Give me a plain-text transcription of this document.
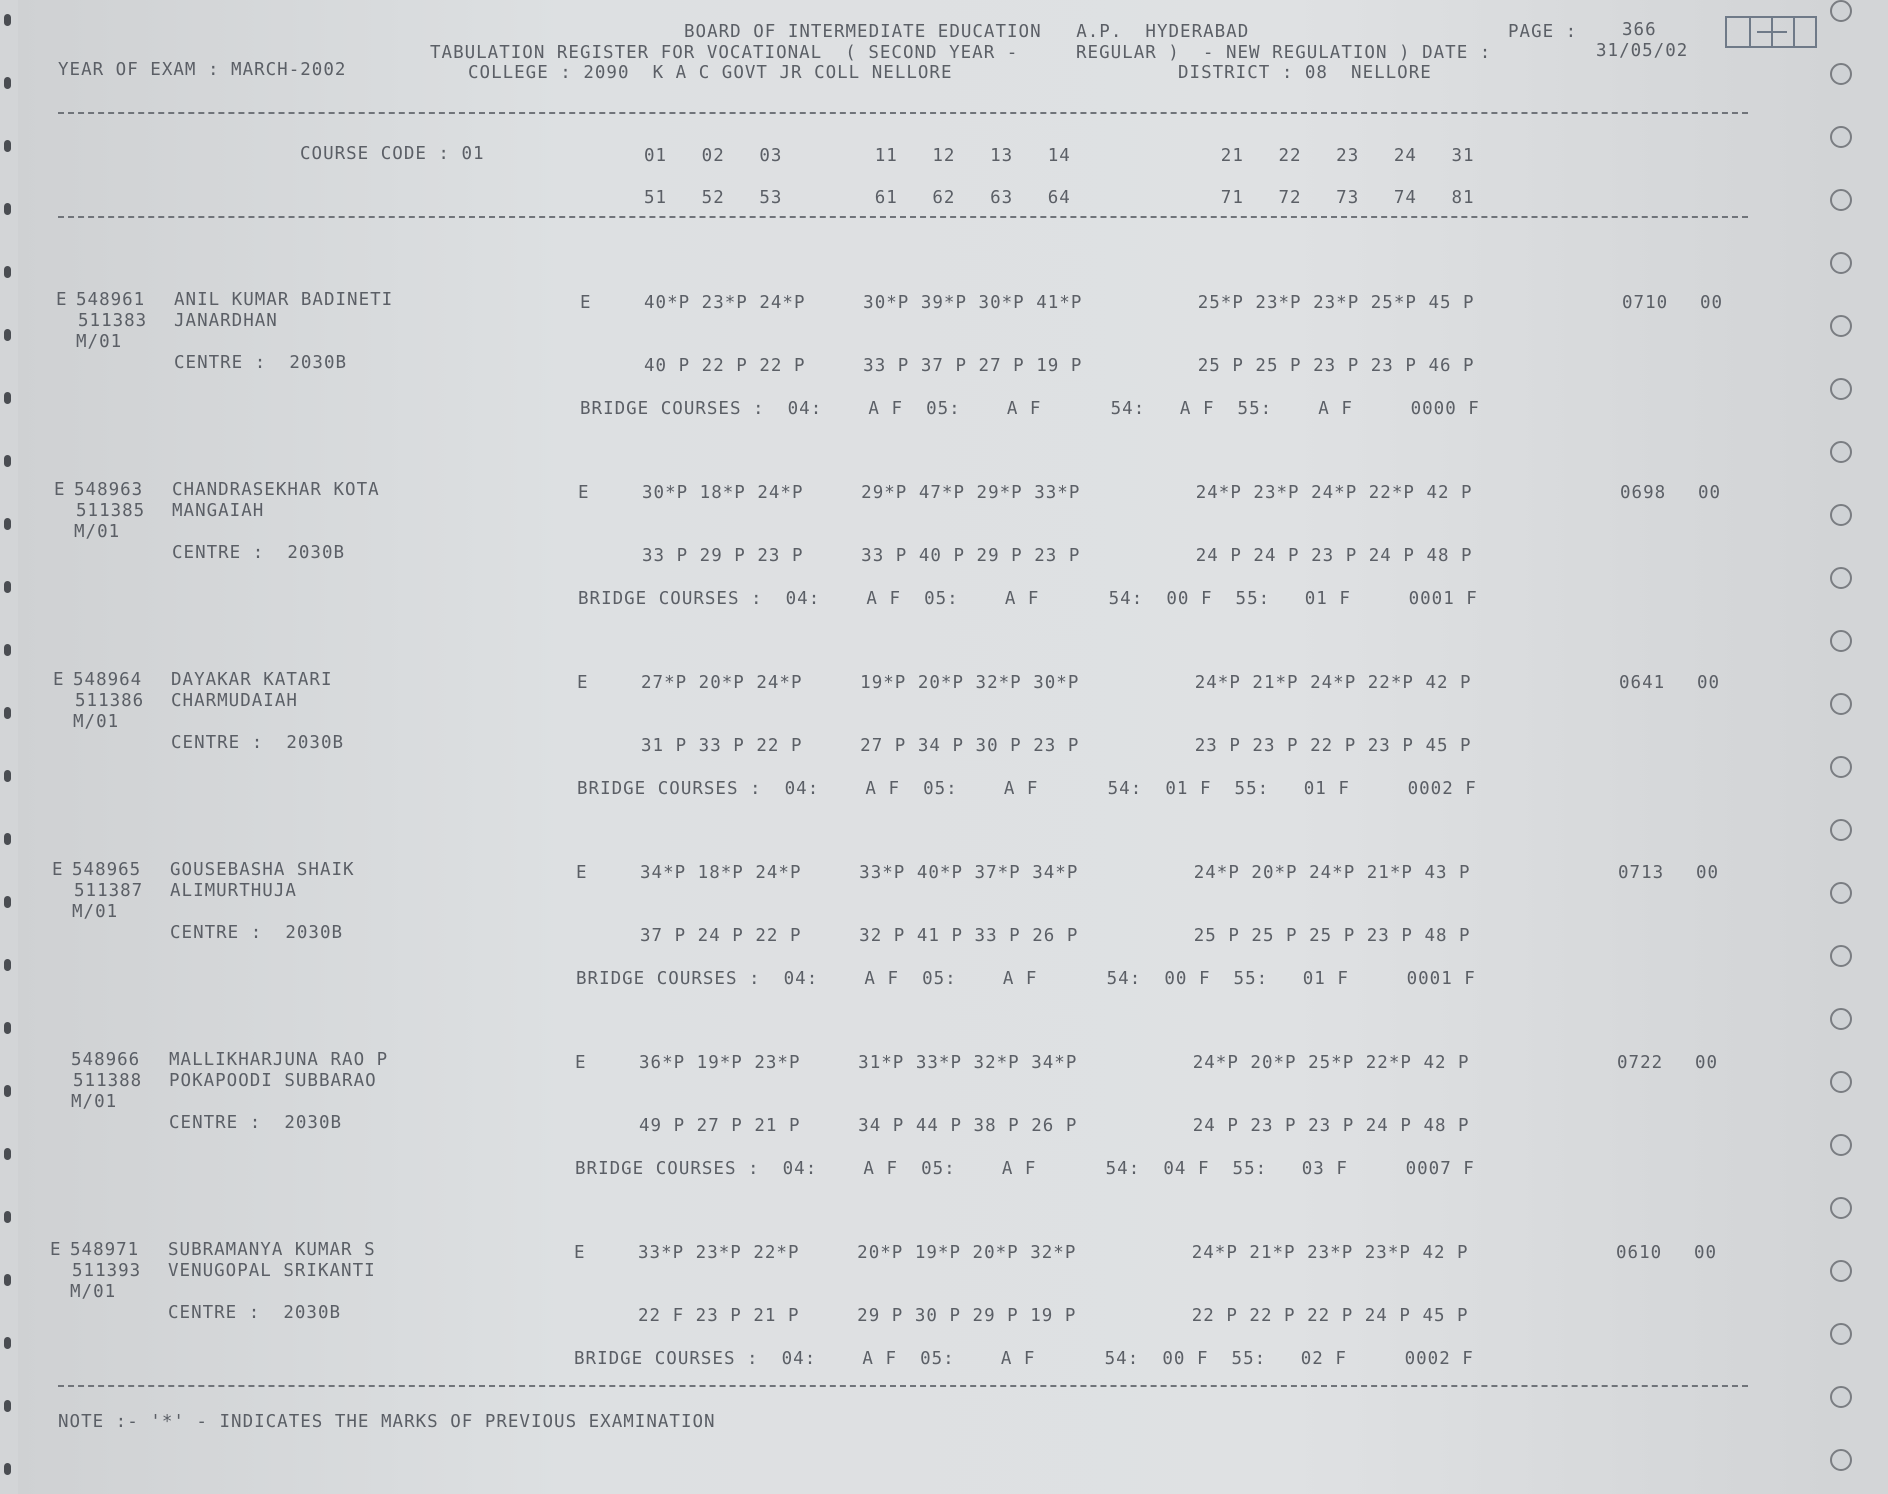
BOARD OF INTERMEDIATE EDUCATION   A.P.  HYDERABAD	PAGE :	366
TABULATION REGISTER FOR VOCATIONAL  ( SECOND YEAR -     REGULAR )  - NEW REGULATION ) DATE :	31/05/02
YEAR OF EXAM : MARCH-2002	COLLEGE : 2090  K A C GOVT JR COLL NELLORE	DISTRICT : 08  NELLORE
COURSE CODE : 01	01   02   03        11   12   13   14             21   22   23   24   31
51   52   53        61   62   63   64             71   72   73   74   81
E 548961 ANIL KUMAR BADINETI
511383 JANARDHAN
M/01
CENTRE :  2030B
E	40*P 23*P 24*P     30*P 39*P 30*P 41*P          25*P 23*P 23*P 25*P 45 P	0710 00
40 P 22 P 22 P     33 P 37 P 27 P 19 P          25 P 25 P 23 P 23 P 46 P
BRIDGE COURSES :  04:    A F  05:    A F      54:   A F  55:    A F     0000 F
E 548963 CHANDRASEKHAR KOTA
511385 MANGAIAH
M/01
CENTRE :  2030B
E	30*P 18*P 24*P     29*P 47*P 29*P 33*P          24*P 23*P 24*P 22*P 42 P	0698 00
33 P 29 P 23 P     33 P 40 P 29 P 23 P          24 P 24 P 23 P 24 P 48 P
BRIDGE COURSES :  04:    A F  05:    A F      54:  00 F  55:   01 F     0001 F
E 548964 DAYAKAR KATARI
511386 CHARMUDAIAH
M/01
CENTRE :  2030B
E	27*P 20*P 24*P     19*P 20*P 32*P 30*P          24*P 21*P 24*P 22*P 42 P	0641 00
31 P 33 P 22 P     27 P 34 P 30 P 23 P          23 P 23 P 22 P 23 P 45 P
BRIDGE COURSES :  04:    A F  05:    A F      54:  01 F  55:   01 F     0002 F
E 548965 GOUSEBASHA SHAIK
511387 ALIMURTHUJA
M/01
CENTRE :  2030B
E	34*P 18*P 24*P     33*P 40*P 37*P 34*P          24*P 20*P 24*P 21*P 43 P	0713 00
37 P 24 P 22 P     32 P 41 P 33 P 26 P          25 P 25 P 25 P 23 P 48 P
BRIDGE COURSES :  04:    A F  05:    A F      54:  00 F  55:   01 F     0001 F
548966 MALLIKHARJUNA RAO P
511388 POKAPOODI SUBBARAO
M/01
CENTRE :  2030B
E	36*P 19*P 23*P     31*P 33*P 32*P 34*P          24*P 20*P 25*P 22*P 42 P	0722 00
49 P 27 P 21 P     34 P 44 P 38 P 26 P          24 P 23 P 23 P 24 P 48 P
BRIDGE COURSES :  04:    A F  05:    A F      54:  04 F  55:   03 F     0007 F
E 548971 SUBRAMANYA KUMAR S
511393 VENUGOPAL SRIKANTI
M/01
CENTRE :  2030B
E	33*P 23*P 22*P     20*P 19*P 20*P 32*P          24*P 21*P 23*P 23*P 42 P	0610 00
22 F 23 P 21 P     29 P 30 P 29 P 19 P          22 P 22 P 22 P 24 P 45 P
BRIDGE COURSES :  04:    A F  05:    A F      54:  00 F  55:   02 F     0002 F
NOTE :- '*' - INDICATES THE MARKS OF PREVIOUS EXAMINATION
